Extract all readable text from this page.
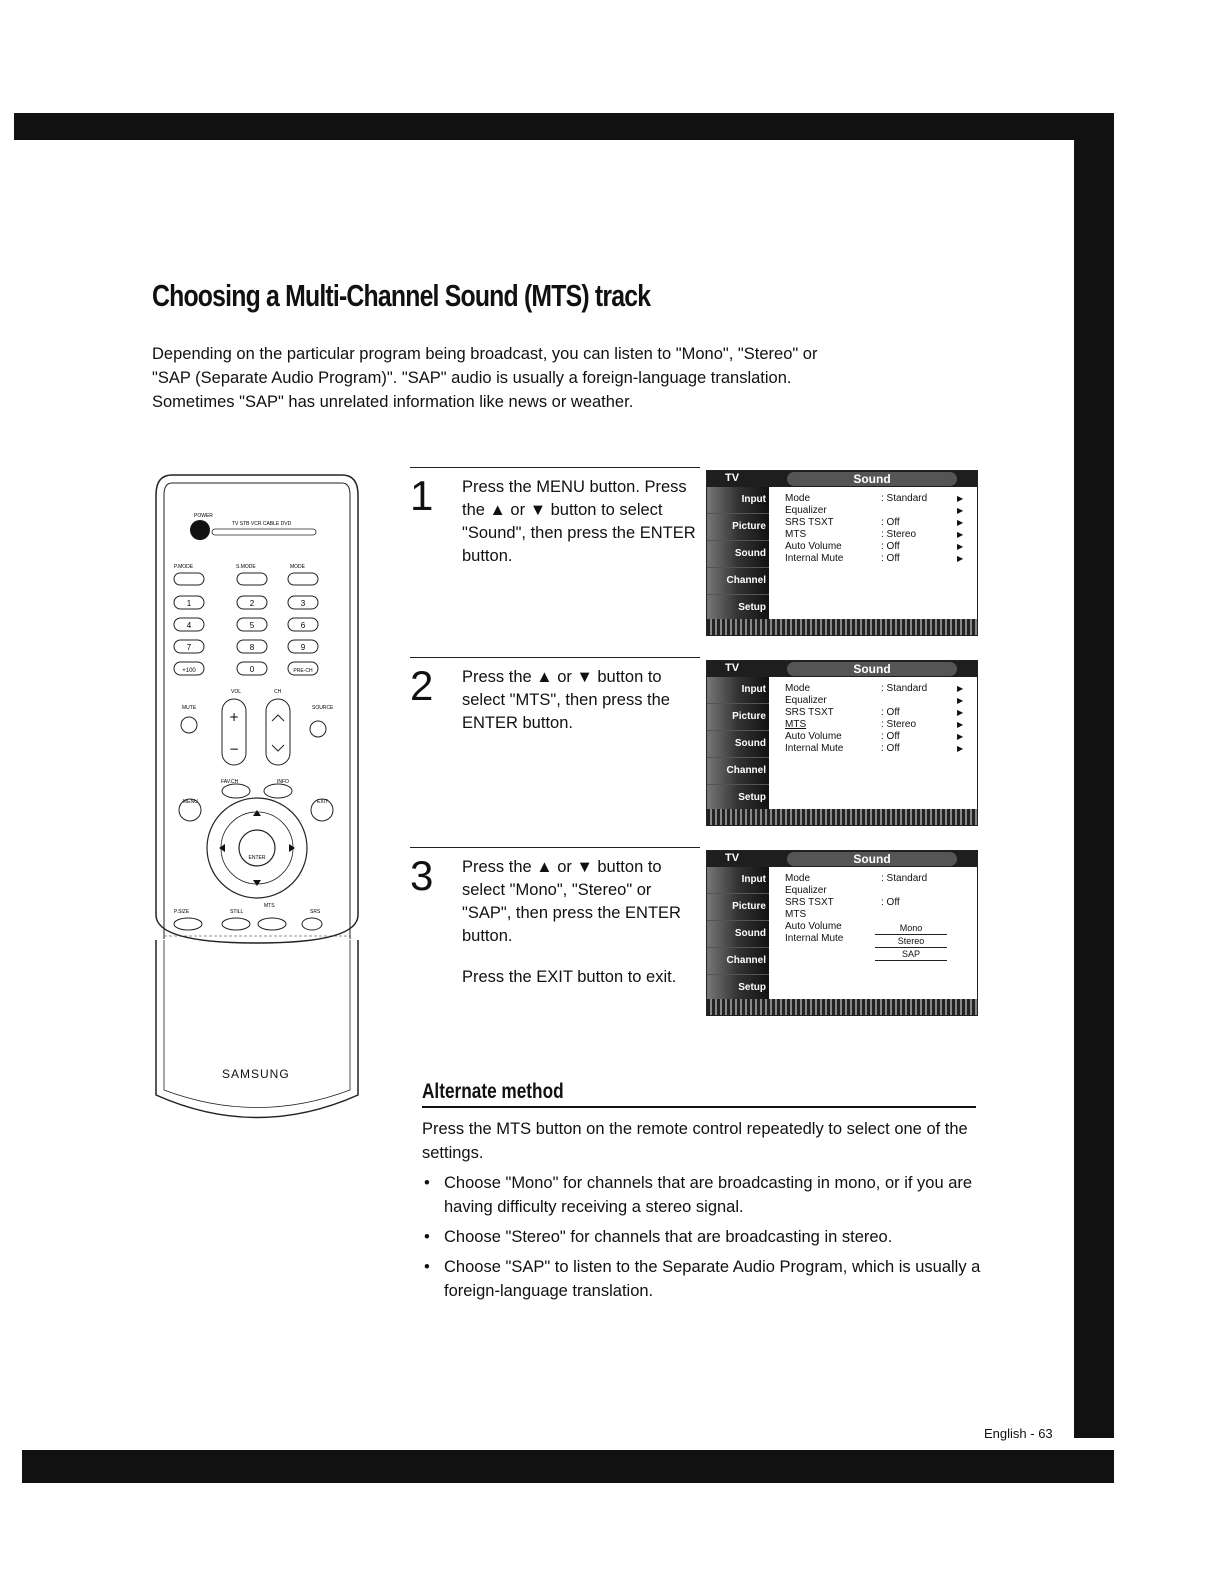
Choosing a Multi-Channel Sound (MTS) track

Depending on the particular program being broadcast, you can listen to "Mono", "Stereo" or

"SAP (Separate Audio Program)". "SAP" audio is usually a foreign-language translation.

Sometimes "SAP" has unrelated information like news or weather.

POWER
TV STB VCR CABLE DVD
P.MODE	S.MODE	MODE
1	2	3
4	5	6
7	8	9
+100	0	PRE-CH
VOL	CH
MUTE	SOURCE
+
−
FAV.CH	INFO
MENU	EXIT
ENTER
P.SIZE	STILL
MTS
SRS
SAMSUNG
1 Press the MENU button. Press the ▲ or ▼ button to select "Sound", then press the ENTER button.

2 Press the ▲ or ▼ button to select "MTS", then press the ENTER button.

3 Press the ▲ or ▼ button to select "Mono", "Stereo" or "SAP", then press the ENTER button.

Press the EXIT button to exit.

TV	Sound
Input
Picture
Sound
Channel
Setup
Mode	: Standard	▶
Equalizer	▶
SRS TSXT	: Off	▶
MTS	: Stereo	▶
Auto Volume	: Off	▶
Internal Mute	: Off	▶
TV	Sound
Input
Picture
Sound
Channel
Setup
Mode	: Standard	▶
Equalizer	▶
SRS TSXT	: Off	▶
MTS	: Stereo	▶
Auto Volume	: Off	▶
Internal Mute	: Off	▶
TV	Sound
Input
Picture
Sound
Channel
Setup
Mode	: Standard
Equalizer
SRS TSXT	: Off
MTS
Auto Volume
Internal Mute
Mono
Stereo
SAP
Alternate method

Press the MTS button on the remote control repeatedly to select one of the settings.

• Choose "Mono" for channels that are broadcasting in mono, or if you are having difficulty receiving a stereo signal.
• Choose "Stereo" for channels that are broadcasting in stereo.
• Choose "SAP" to listen to the Separate Audio Program, which is usually a foreign-language translation.
English - 63
